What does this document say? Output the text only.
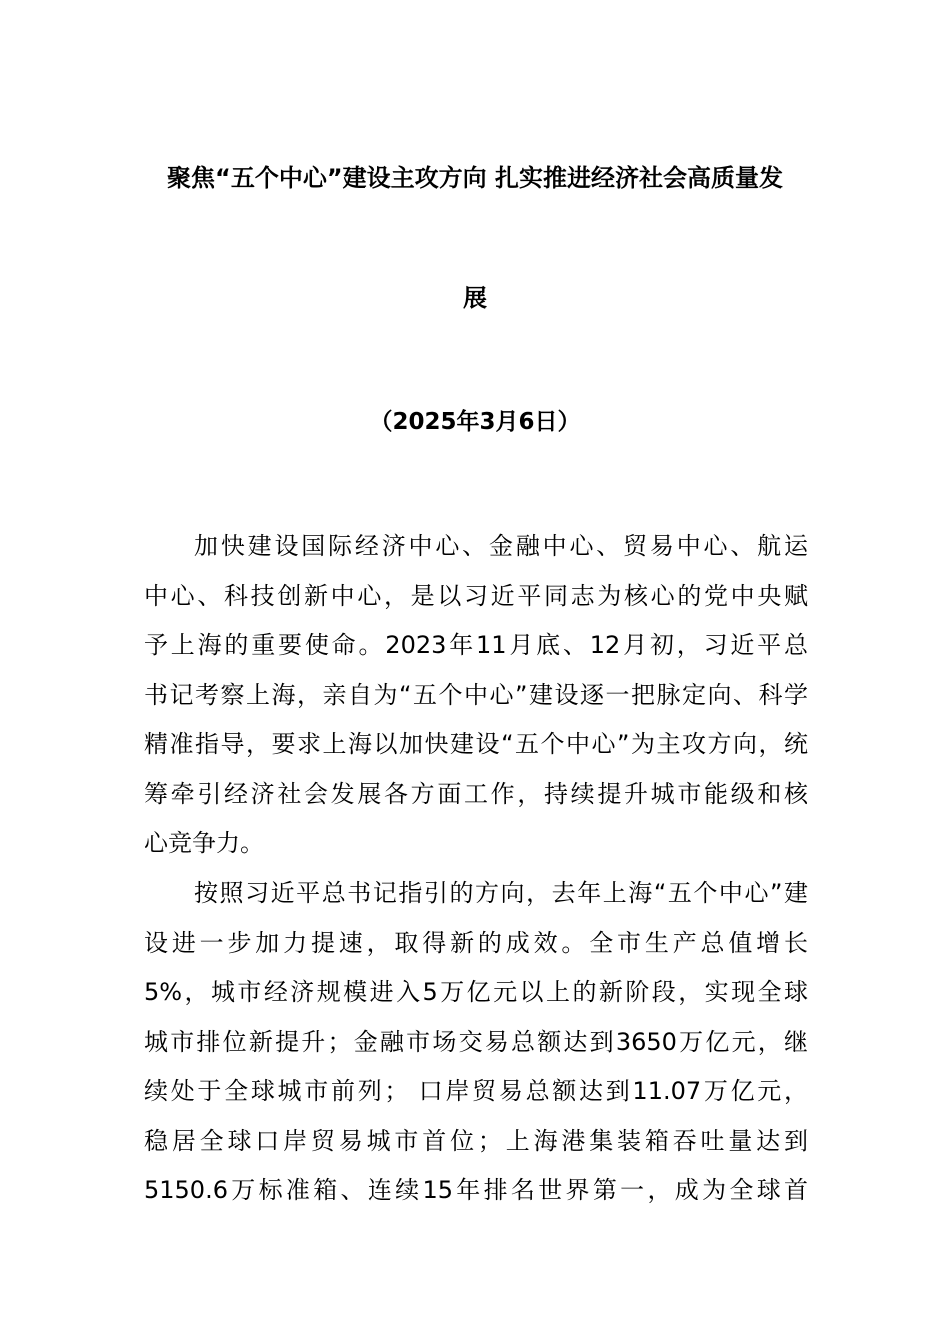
聚焦“五个中心”建设主攻方向 扎实推进经济社会高质量发
展
（2025年3月6日）
加快建设国际经济中心、金融中心、贸易中心、航运
中心、科技创新中心，是以习近平同志为核心的党中央赋
予上海的重要使命。2023年11月底、12月初，习近平总
书记考察上海，亲自为“五个中心”建设逐一把脉定向、科学
精准指导，要求上海以加快建设“五个中心”为主攻方向，统
筹牵引经济社会发展各方面工作，持续提升城市能级和核
心竞争力。
按照习近平总书记指引的方向，去年上海“五个中心”建
设进一步加力提速，取得新的成效。全市生产总值增长
5%，城市经济规模进入5万亿元以上的新阶段，实现全球
城市排位新提升；金融市场交易总额达到3650万亿元，继
续处于全球城市前列； 口岸贸易总额达到11.07万亿元，
稳居全球口岸贸易城市首位；上海港集装箱吞吐量达到
5150.6万标准箱、连续15年排名世界第一，成为全球首
